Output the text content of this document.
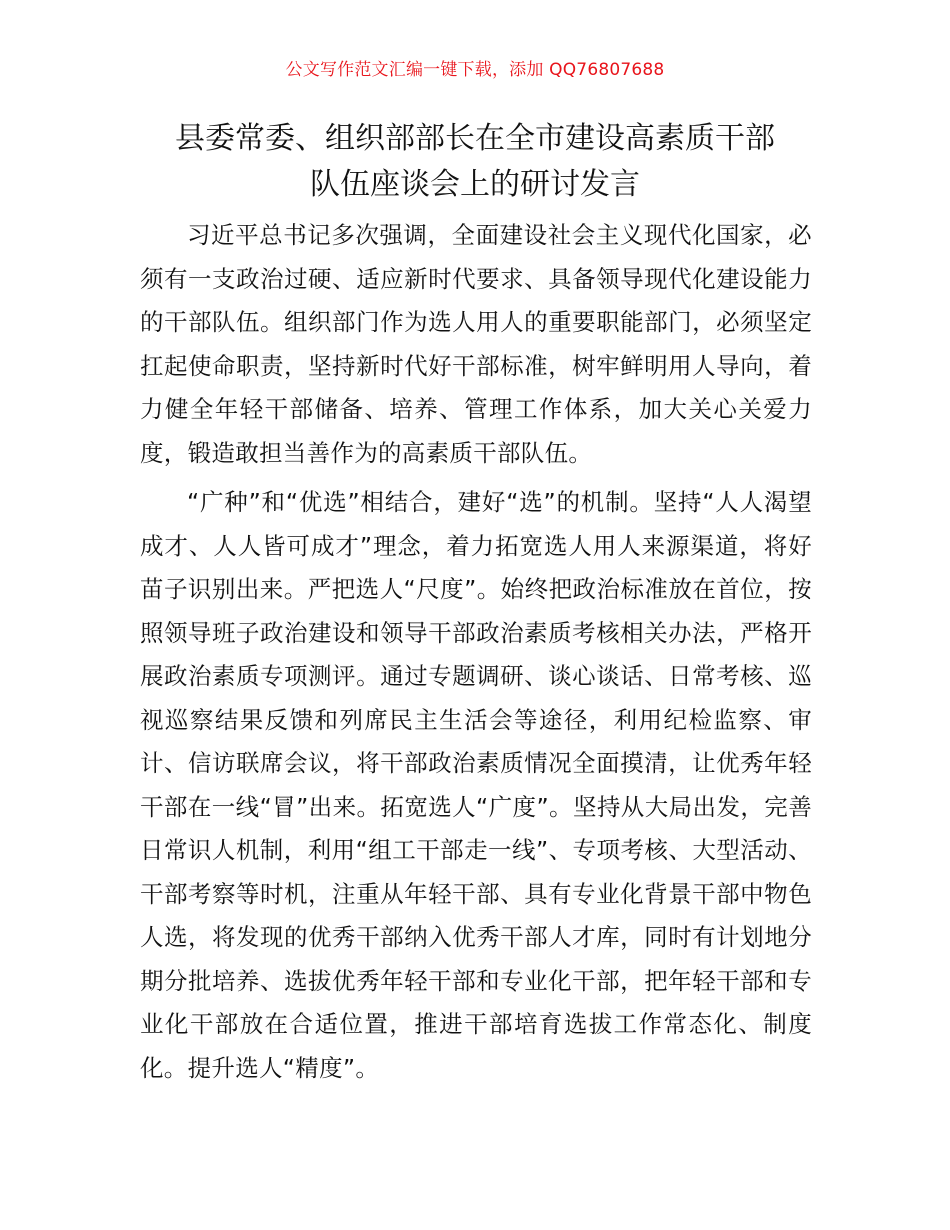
公文写作范文汇编一键下载，添加 QQ76807688
县委常委、组织部部长在全市建设高素质干部
队伍座谈会上的研讨发言

习近平总书记多次强调，全面建设社会主义现代化国家，必须有一支政治过硬、适应新时代要求、具备领导现代化建设能力的干部队伍。组织部门作为选人用人的重要职能部门，必须坚定扛起使命职责，坚持新时代好干部标准，树牢鲜明用人导向，着力健全年轻干部储备、培养、管理工作体系，加大关心关爱力度，锻造敢担当善作为的高素质干部队伍。

“广种”和“优选”相结合，建好“选”的机制。坚持“人人渴望成才、人人皆可成才”理念，着力拓宽选人用人来源渠道，将好苗子识别出来。严把选人“尺度”。始终把政治标准放在首位，按照领导班子政治建设和领导干部政治素质考核相关办法，严格开展政治素质专项测评。通过专题调研、谈心谈话、日常考核、巡视巡察结果反馈和列席民主生活会等途径，利用纪检监察、审计、信访联席会议，将干部政治素质情况全面摸清，让优秀年轻干部在一线“冒”出来。拓宽选人“广度”。坚持从大局出发，完善日常识人机制，利用“组工干部走一线”、专项考核、大型活动、干部考察等时机，注重从年轻干部、具有专业化背景干部中物色人选，将发现的优秀干部纳入优秀干部人才库，同时有计划地分期分批培养、选拔优秀年轻干部和专业化干部，把年轻干部和专业化干部放在合适位置，推进干部培育选拔工作常态化、制度化。提升选人“精度”。
